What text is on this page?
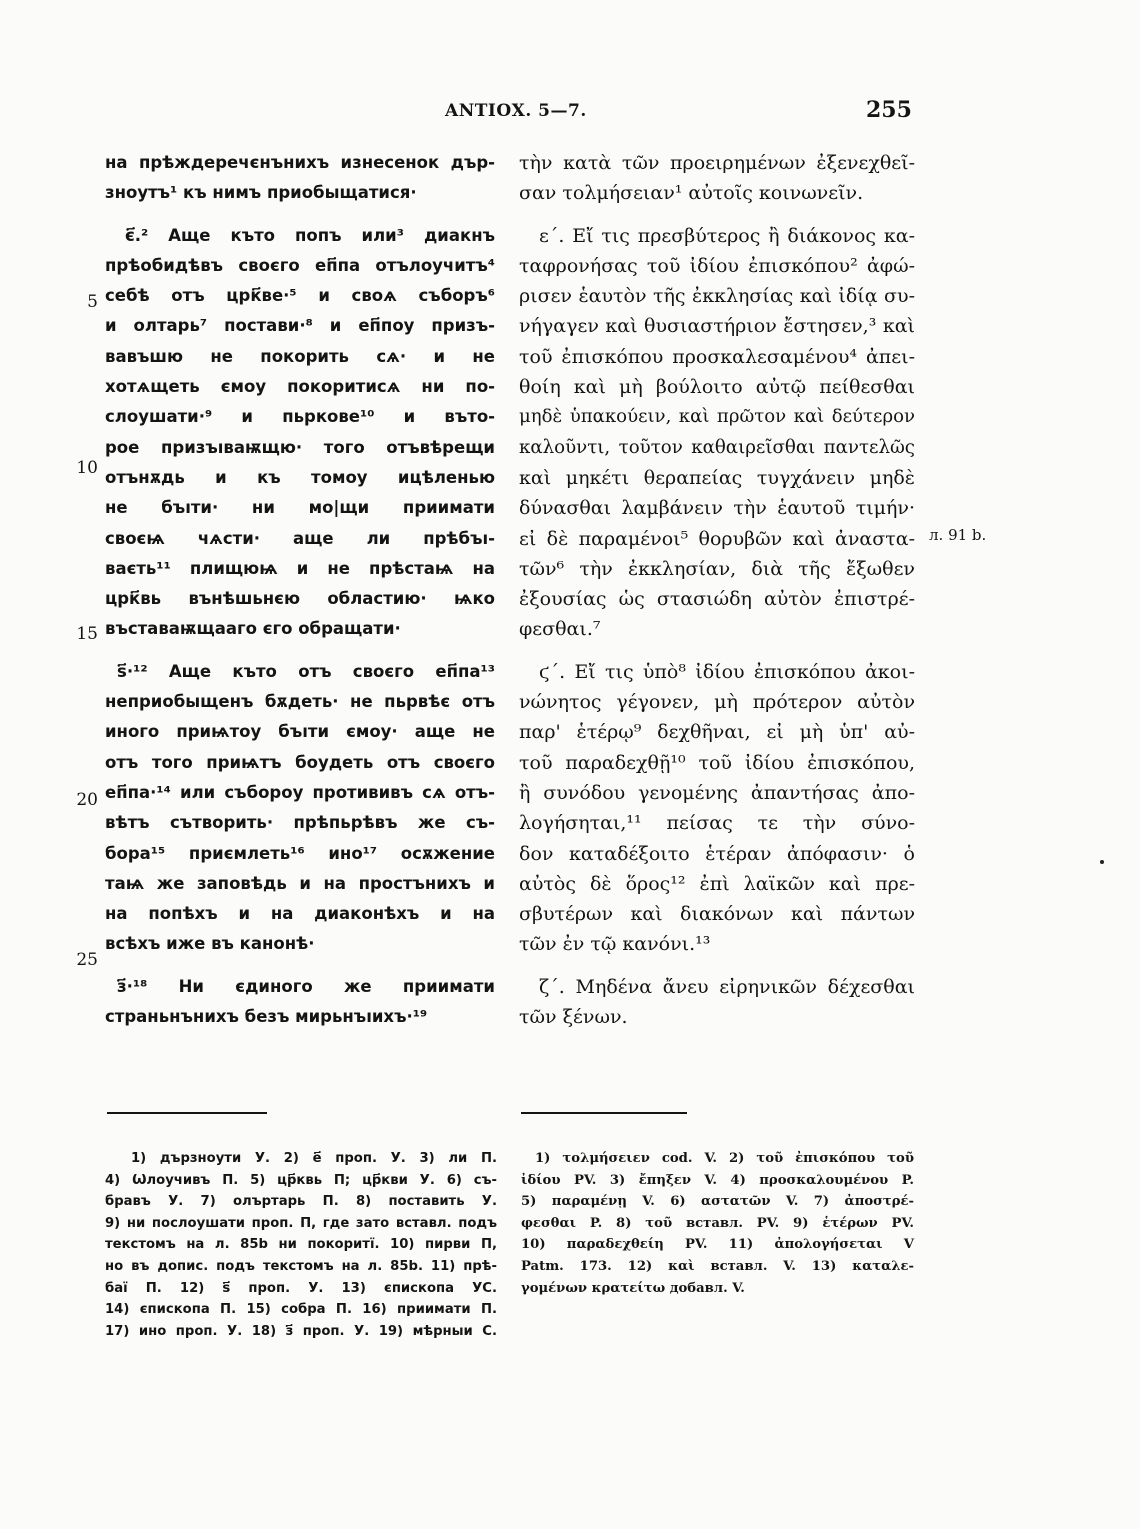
ΑΝΤΙΟΧ. 5—7.	255
на прѣждеречєнънихъ изнесенок дър-
зноутъ¹ къ нимъ приобыщатися·
є҃.² Аще къто попъ или³ диакнъ
прѣобидѣвъ своєго еп҃па отълоучитъ⁴
себѣ отъ црк҃ве·⁵ и своѧ съборъ⁶
и олтарь⁷ постави·⁸ и еп҃поу призъ-
вавъшю не покорить сѧ· и не
хотѧщеть ємоу покоритисѧ ни по-
слоушати·⁹ и пьркове¹⁰ и вътo-
рое призъıваѭщю· того отъвѣрещи
отънѫдь и къ томоу ицѣленью
не бъıти· ни мо|щи приимати
своєѩ чѧсти· аще ли прѣбъı-
ваєть¹¹ плищюѩ и не прѣстаѩ на
црк҃вь вънѣшьнєю областию· ѩко
въставаѭщааго єго обращати·
ѕ҃·¹² Аще къто отъ своєго еп҃па¹³
неприобыщенъ бѫдеть· не пьрвѣє отъ
иного приѩтоу бъıти ємоу· аще не
отъ того приѩтъ боудеть отъ своєго
еп҃па·¹⁴ или събороу протививъ сѧ отъ-
вѣтъ сътворить· прѣпьрѣвъ же съ-
бора¹⁵ приємлеть¹⁶ ино¹⁷ осѫжение
таѩ же заповѣдь и на простънихъ и
на попѣхъ и на диаконѣхъ и на
всѣхъ иже въ канонѣ·
з҃·¹⁸ Ни єдиного же приимати
страньнънихъ безъ мирьнъıихъ·¹⁹
5
10
15
20
25
τὴν κατὰ τῶν προειρημένων ἐξενεχθεῖ-
σαν τολμήσειαν¹ αὐτοῖς κοινωνεῖν.
ε΄. Εἴ τις πρεσβύτερος ἢ διάκονος κα-
ταφρονήσας τοῦ ἰδίου ἐπισκόπου² ἀφώ-
ρισεν ἑαυτὸν τῆς ἐκκλησίας καὶ ἰδίᾳ συ-
νήγαγεν καὶ θυσιαστήριον ἔστησεν,³ καὶ
τοῦ ἐπισκόπου προσκαλεσαμένου⁴ ἀπει-
θοίη καὶ μὴ βούλοιτο αὐτῷ πείθεσθαι
μηδὲ ὑπακούειν, καὶ πρῶτον καὶ δεύτερον
καλοῦντι, τοῦτον καθαιρεῖσθαι παντελῶς
καὶ μηκέτι θεραπείας τυγχάνειν μηδὲ
δύνασθαι λαμβάνειν τὴν ἑαυτοῦ τιμήν·
εἰ δὲ παραμένοι⁵ θορυβῶν καὶ ἀναστα-
τῶν⁶ τὴν ἐκκλησίαν, διὰ τῆς ἔξωθεν
ἐξουσίας ὡς στασιώδη αὐτὸν ἐπιστρέ-
φεσθαι.⁷
ϛ΄. Εἴ τις ὑπὸ⁸ ἰδίου ἐπισκόπου ἀκοι-
νώνητος γέγονεν, μὴ πρότερον αὐτὸν
παρ' ἑτέρῳ⁹ δεχθῆναι, εἰ μὴ ὑπ' αὐ-
τοῦ παραδεχθῇ¹⁰ τοῦ ἰδίου ἐπισκόπου,
ἢ συνόδου γενομένης ἀπαντήσας ἀπο-
λογήσηται,¹¹ πείσας τε τὴν σύνο-
δον καταδέξοιτο ἑτέραν ἀπόφασιν· ὁ
αὐτὸς δὲ ὅρος¹² ἐπὶ λαϊκῶν καὶ πρε-
σβυτέρων καὶ διακόνων καὶ πάντων
τῶν ἐν τῷ κανόνι.¹³
ζ΄. Μηδένα ἄνευ εἰρηνικῶν δέχεσθαι
τῶν ξένων.
л. 91 b.
1) дързноути У. 2) е҃ проп. У. 3) ли П.
4) Ѡлоучивъ П. 5) цр҃квь П; цр҃кви У. 6) съ-
бравъ У. 7) олъртарь П. 8) поставить У.
9) ни послоушати проп. П, где зато вставл. подъ
текстомъ на л. 85b ни покоритї. 10) пирви П,
но въ допис. подъ текстомъ на л. 85b. 11) прѣ-
бaї П. 12) ѕ҃ проп. У. 13) єпископа УС.
14) єпископа П. 15) собра П. 16) приимати П.
17) ино проп. У. 18) з҃ проп. У. 19) мѣрныи С.
1) τολμήσειεν cod. V. 2) τοῦ ἐπισκόπου τοῦ
ἰδίου PV. 3) ἔπηξεν V. 4) προσκαλουμένου P.
5) παραμένῃ V. 6) αστατῶν V. 7) ἀποστρέ-
φεσθαι P. 8) τοῦ вставл. PV. 9) ἑτέρων PV.
10) παραδεχθείη PV. 11) ἀπολογήσεται V
Patm. 173. 12) καὶ вставл. V. 13) καταλε-
γομένων κρατείτω добавл. V.
